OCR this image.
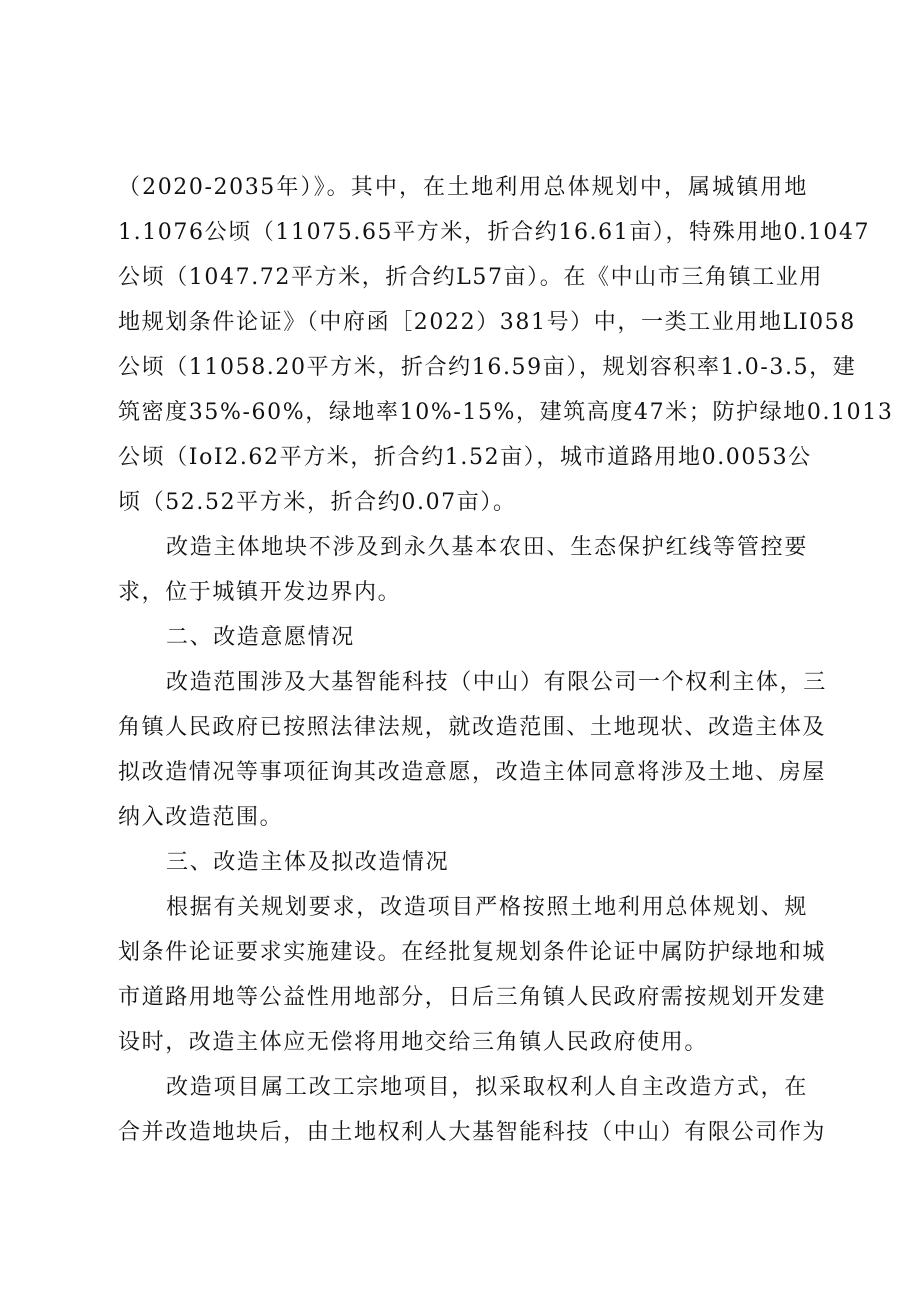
（2020-2035年）》。其中，在土地利用总体规划中，属城镇用地
1.1076公顷（11075.65平方米，折合约16.61亩），特殊用地0.1047
公顷（1047.72平方米，折合约L57亩）。在《中山市三角镇工业用
地规划条件论证》（中府函［2022）381号）中，一类工业用地LI058
公顷（11058.20平方米，折合约16.59亩），规划容积率1.0-3.5，建
筑密度35%-60%，绿地率10%-15%，建筑高度47米；防护绿地0.1013
公顷（IoI2.62平方米，折合约1.52亩），城市道路用地0.0053公
顷（52.52平方米，折合约0.07亩）。
改造主体地块不涉及到永久基本农田、生态保护红线等管控要
求，位于城镇开发边界内。
二、改造意愿情况
改造范围涉及大基智能科技（中山）有限公司一个权利主体，三
角镇人民政府已按照法律法规，就改造范围、土地现状、改造主体及
拟改造情况等事项征询其改造意愿，改造主体同意将涉及土地、房屋
纳入改造范围。
三、改造主体及拟改造情况
根据有关规划要求，改造项目严格按照土地利用总体规划、规
划条件论证要求实施建设。在经批复规划条件论证中属防护绿地和城
市道路用地等公益性用地部分，日后三角镇人民政府需按规划开发建
设时，改造主体应无偿将用地交给三角镇人民政府使用。
改造项目属工改工宗地项目，拟采取权利人自主改造方式，在
合并改造地块后，由土地权利人大基智能科技（中山）有限公司作为
